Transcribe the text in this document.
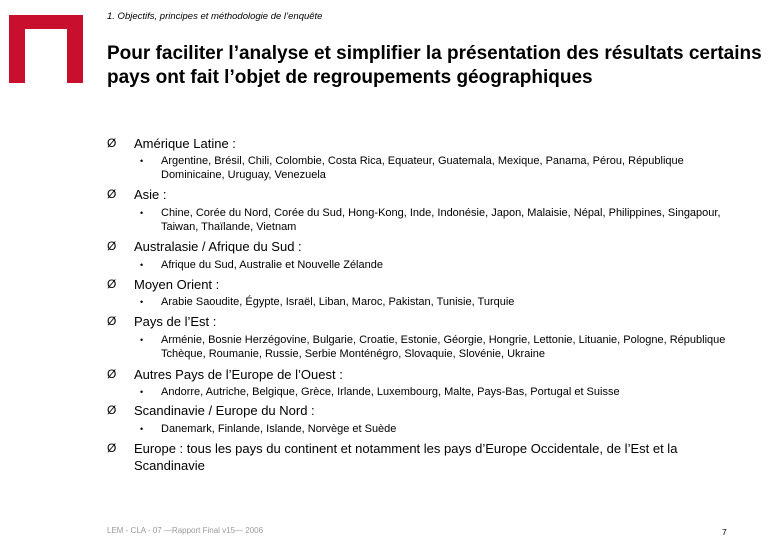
1. Objectifs, principes et méthodologie de l’enquête
Pour faciliter l’analyse et simplifier la présentation des résultats certains pays ont fait l’objet de regroupements géographiques
Ø Amérique Latine :
• Argentine, Brésil, Chili, Colombie, Costa Rica, Equateur, Guatemala, Mexique, Panama, Pérou, République Dominicaine, Uruguay, Venezuela
Ø Asie :
• Chine, Corée du Nord, Corée du Sud, Hong-Kong, Inde, Indonésie, Japon, Malaisie, Népal, Philippines, Singapour, Taiwan, Thaïlande, Vietnam
Ø Australasie / Afrique du Sud :
• Afrique du Sud, Australie et Nouvelle Zélande
Ø Moyen Orient :
• Arabie Saoudite, Égypte, Israël, Liban, Maroc, Pakistan, Tunisie, Turquie
Ø Pays de l’Est :
• Arménie, Bosnie Herzégovine, Bulgarie, Croatie, Estonie, Géorgie, Hongrie, Lettonie, Lituanie, Pologne, République Tchèque, Roumanie, Russie, Serbie Monténégro, Slovaquie, Slovénie, Ukraine
Ø Autres Pays de l’Europe de l’Ouest :
• Andorre, Autriche, Belgique, Grèce, Irlande, Luxembourg, Malte, Pays-Bas, Portugal et Suisse
Ø Scandinavie / Europe du Nord :
• Danemark, Finlande, Islande, Norvège et Suède
Ø Europe : tous les pays du continent et notamment les pays d’Europe Occidentale, de l’Est et la Scandinavie
LEM - CLA - 07 —Rapport Final v15— 2006	7
